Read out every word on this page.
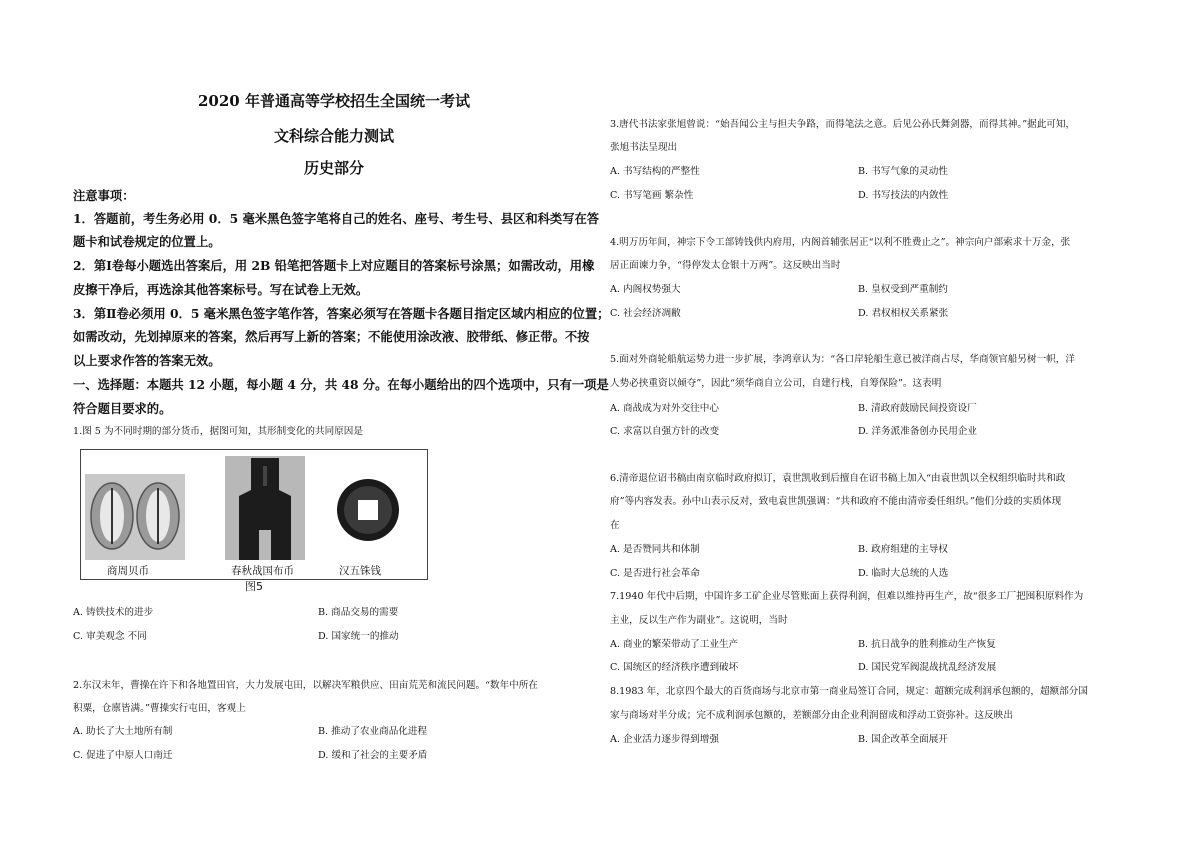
2020 年普通高等学校招生全国统一考试
文科综合能力测试
历史部分
注意事项：
1．答题前，考生务必用 0．5 毫米黑色签字笔将自己的姓名、座号、考生号、县区和科类写在答
题卡和试卷规定的位置上。
2．第Ⅰ卷每小题选出答案后，用 2B 铅笔把答题卡上对应题目的答案标号涂黑；如需改动，用橡
皮擦干净后，再选涂其他答案标号。写在试卷上无效。
3．第Ⅱ卷必须用 0．5 毫米黑色签字笔作答，答案必须写在答题卡各题目指定区域内相应的位置；
如需改动，先划掉原来的答案，然后再写上新的答案；不能使用涂改液、胶带纸、修正带。不按
以上要求作答的答案无效。
一、选择题：本题共 12 小题，每小题 4 分，共 48 分。在每小题给出的四个选项中，只有一项是
符合题目要求的。
1.图 5 为不同时期的部分货币，据图可知，其形制变化的共同原因是
商周贝币	春秋战国布币	汉五铢钱
图5
A. 铸铁技术的进步	B. 商品交易的需要
C. 审美观念 不同	D. 国家统一的推动
2.东汉末年，曹操在许下和各地置田官，大力发展屯田，以解决军粮供应、田亩荒芜和流民问题。“数年中所在
积粟，仓廪皆满。”曹操实行屯田，客观上
A. 助长了大土地所有制	B. 推动了农业商品化进程
C. 促进了中原人口南迁	D. 缓和了社会的主要矛盾
3.唐代书法家张旭曾说：“始吾闻公主与担夫争路，而得笔法之意。后见公孙氏舞剑器，而得其神。”据此可知，
张旭书法呈现出
A. 书写结构的严整性	B. 书写气象的灵动性
C. 书写笔画 繁杂性	D. 书写技法的内敛性
4.明万历年间，神宗下令工部铸钱供内府用，内阁首辅张居正“以利不胜费止之”。神宗向户部索求十万金，张
居正面谏力争，“得停发太仓银十万两”。这反映出当时
A. 内阁权势强大	B. 皇权受到严重制约
C. 社会经济凋敝	D. 君权相权关系紧张
5.面对外商轮船航运势力进一步扩展，李鸿章认为：“各口岸轮船生意已被洋商占尽，华商领官船另树一帜，洋
人势必挟重资以倾夺”，因此“须华商自立公司，自建行栈，自筹保险”。这表明
A. 商战成为对外交往中心	B. 清政府鼓励民间投资设厂
C. 求富以自强方针的改变	D. 洋务派准备创办民用企业
6.清帝退位诏书稿由南京临时政府拟订，袁世凯收到后擅自在诏书稿上加入“由袁世凯以全权组织临时共和政
府”等内容发表。孙中山表示反对，致电袁世凯强调：“共和政府不能由清帝委任组织。”他们分歧的实质体现
在
A. 是否赞同共和体制	B. 政府组建的主导权
C. 是否进行社会革命	D. 临时大总统的人选
7.1940 年代中后期，中国许多工矿企业尽管账面上获得利润，但难以维持再生产，故“很多工厂把囤积原料作为
主业，反以生产作为副业”。这说明，当时
A. 商业的繁荣带动了工业生产	B. 抗日战争的胜利推动生产恢复
C. 国统区的经济秩序遭到破坏	D. 国民党军阀混战扰乱经济发展
8.1983 年，北京四个最大的百货商场与北京市第一商业局签订合同，规定：超额完成利润承包额的，超额部分国
家与商场对半分成；完不成利润承包额的，差额部分由企业利润留成和浮动工资弥补。这反映出
A. 企业活力逐步得到增强	B. 国企改革全面展开
